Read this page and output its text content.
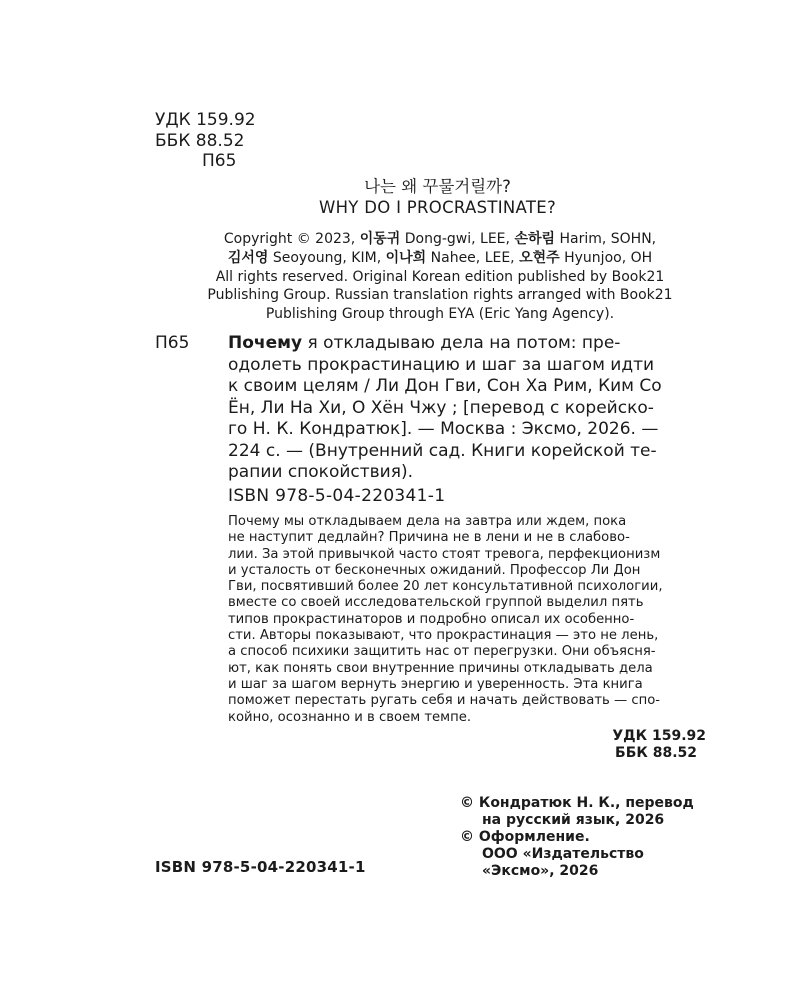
УДК 159.92
ББК 88.52
П65
나는 왜 꾸물거릴까?
WHY DO I PROCRASTINATE?
Copyright © 2023, 이동귀 Dong-gwi, LEE, 손하림 Harim, SOHN,
김서영 Seoyoung, KIM, 이나희 Nahee, LEE, 오현주 Hyunjoo, OH
All rights reserved. Original Korean edition published by Book21
Publishing Group. Russian translation rights arranged with Book21
Publishing Group through EYA (Eric Yang Agency).
П65 Почему я откладываю дела на потом: пре-
одолеть прокрастинацию и шаг за шагом идти
к своим целям / Ли Дон Гви, Сон Ха Рим, Ким Со
Ён, Ли На Хи, О Хён Чжу ; [перевод с корейско-
го Н. К. Кондратюк]. — Москва : Эксмо, 2026. —
224 с. — (Внутренний сад. Книги корейской те-
рапии спокойствия).
ISBN 978-5-04-220341-1
Почему мы откладываем дела на завтра или ждем, пока
не наступит дедлайн? Причина не в лени и не в слабово-
лии. За этой привычкой часто стоят тревога, перфекционизм
и усталость от бесконечных ожиданий. Профессор Ли Дон
Гви, посвятивший более 20 лет консультативной психологии,
вместе со своей исследовательской группой выделил пять
типов прокрастинаторов и подробно описал их особенно-
сти. Авторы показывают, что прокрастинация — это не лень,
а способ психики защитить нас от перегрузки. Они объясня-
ют, как понять свои внутренние причины откладывать дела
и шаг за шагом вернуть энергию и уверенность. Эта книга
поможет перестать ругать себя и начать действовать — спо-
койно, осознанно и в своем темпе.
УДК 159.92
ББК 88.52
© Кондратюк Н. К., перевод
на русский язык, 2026
© Оформление.
ООО «Издательство
«Эксмо», 2026
ISBN 978-5-04-220341-1
